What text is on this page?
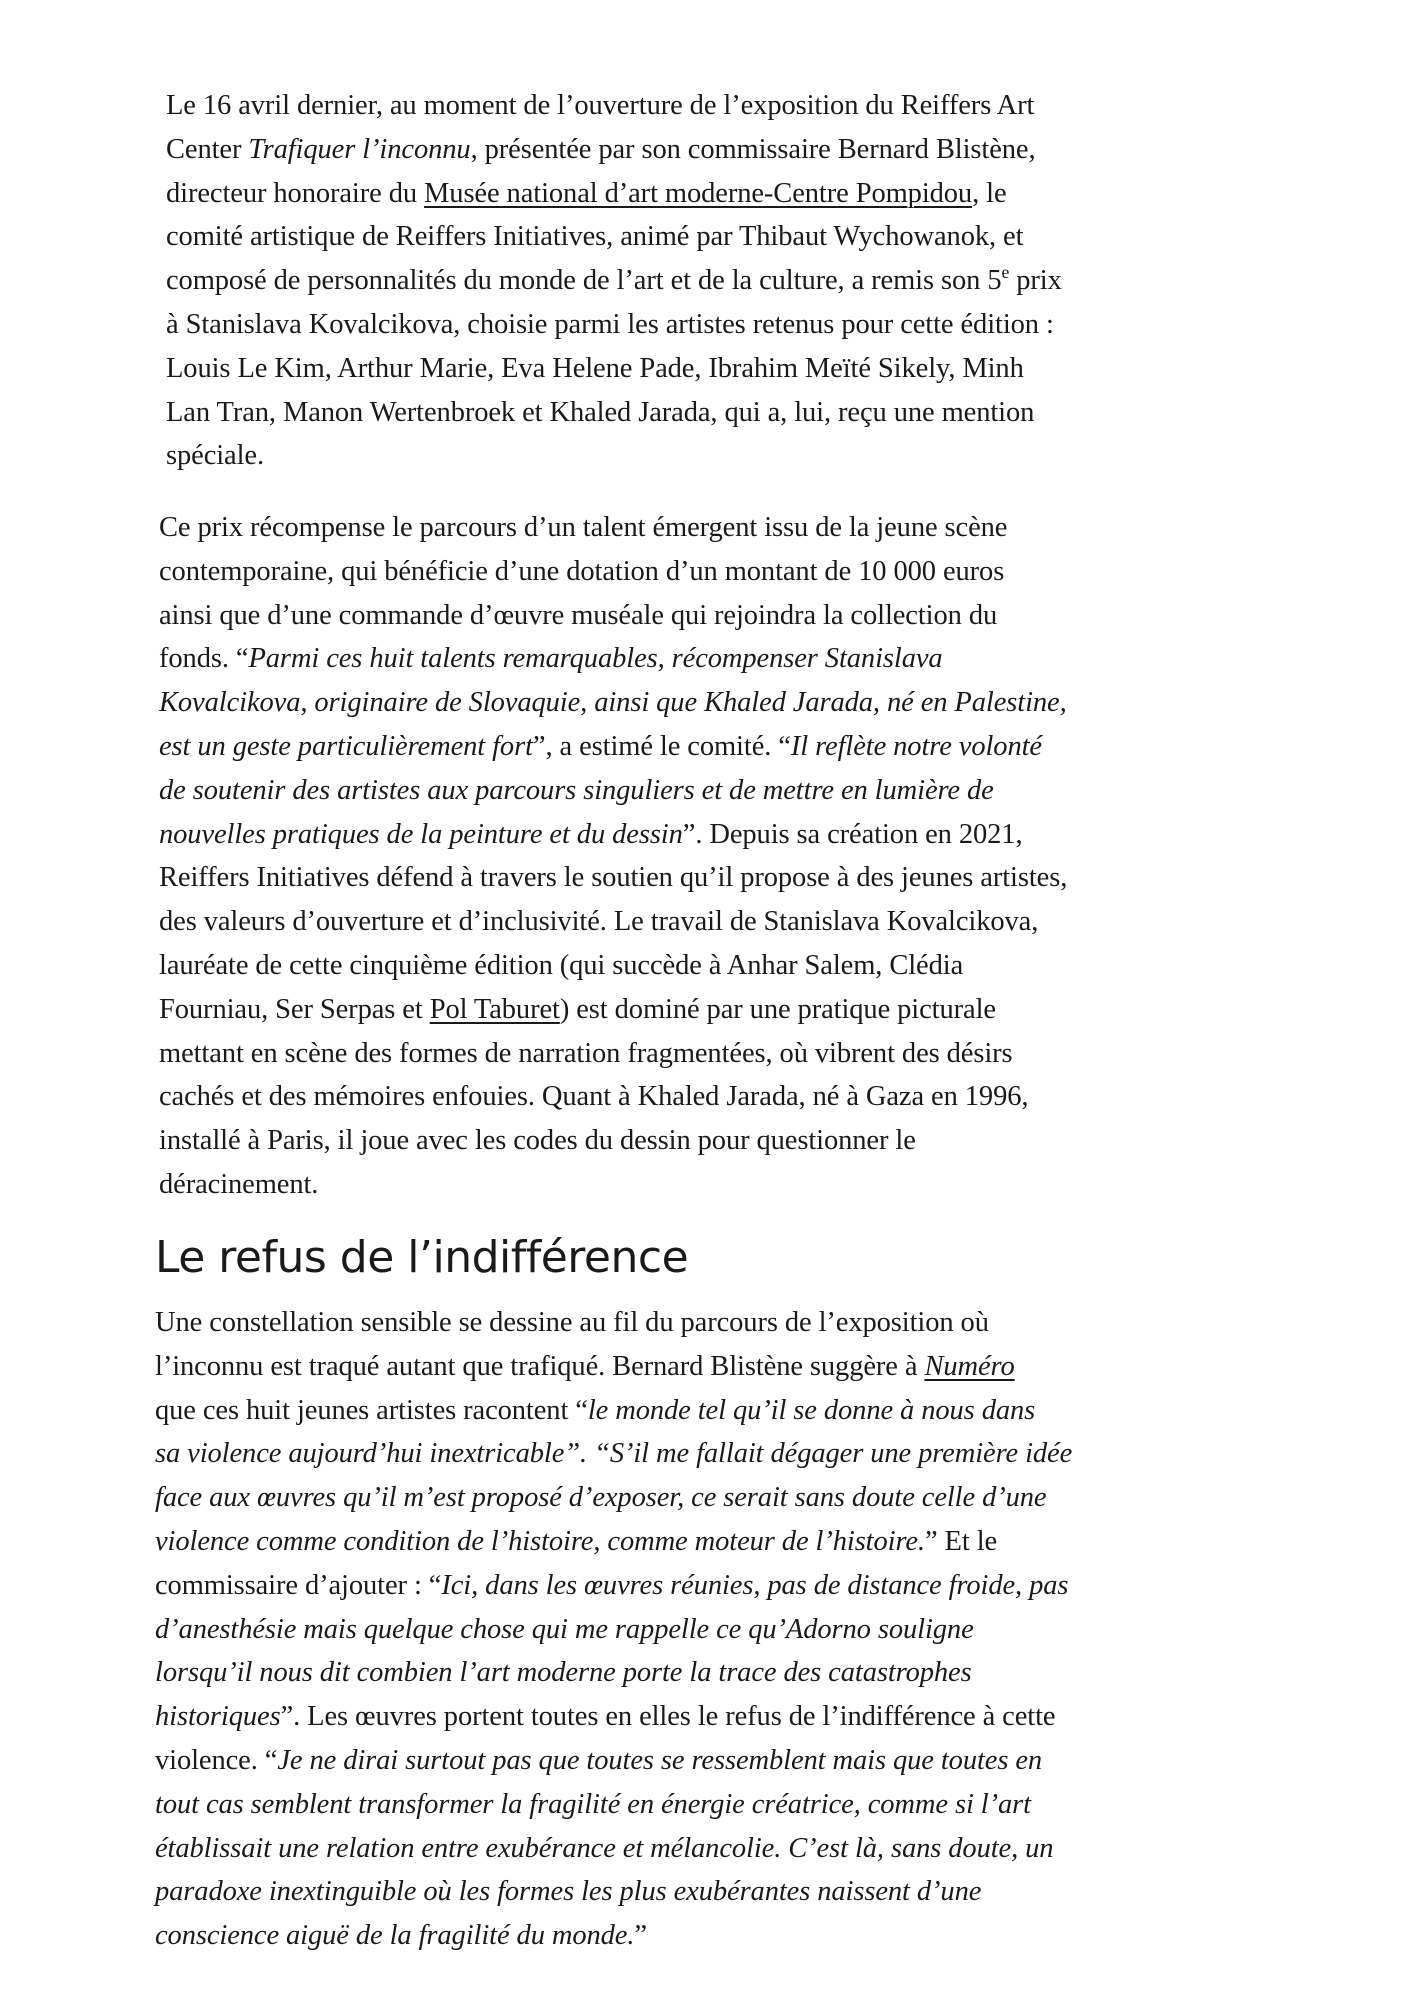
Le 16 avril dernier, au moment de l’ouverture de l’exposition du Reiffers Art
Center Trafiquer l’inconnu, présentée par son commissaire Bernard Blistène,
directeur honoraire du Musée national d’art moderne-Centre Pompidou, le
comité artistique de Reiffers Initiatives, animé par Thibaut Wychowanok, et
composé de personnalités du monde de l’art et de la culture, a remis son 5e prix
à Stanislava Kovalcikova, choisie parmi les artistes retenus pour cette édition :
Louis Le Kim, Arthur Marie, Eva Helene Pade, Ibrahim Meïté Sikely, Minh
Lan Tran, Manon Wertenbroek et Khaled Jarada, qui a, lui, reçu une mention
spéciale.

Ce prix récompense le parcours d’un talent émergent issu de la jeune scène
contemporaine, qui bénéficie d’une dotation d’un montant de 10 000 euros
ainsi que d’une commande d’œuvre muséale qui rejoindra la collection du
fonds. “Parmi ces huit talents remarquables, récompenser Stanislava
Kovalcikova, originaire de Slovaquie, ainsi que Khaled Jarada, né en Palestine,
est un geste particulièrement fort”, a estimé le comité. “Il reflète notre volonté
de soutenir des artistes aux parcours singuliers et de mettre en lumière de
nouvelles pratiques de la peinture et du dessin”. Depuis sa création en 2021,
Reiffers Initiatives défend à travers le soutien qu’il propose à des jeunes artistes,
des valeurs d’ouverture et d’inclusivité. Le travail de Stanislava Kovalcikova,
lauréate de cette cinquième édition (qui succède à Anhar Salem, Clédia
Fourniau, Ser Serpas et Pol Taburet) est dominé par une pratique picturale
mettant en scène des formes de narration fragmentées, où vibrent des désirs
cachés et des mémoires enfouies. Quant à Khaled Jarada, né à Gaza en 1996,
installé à Paris, il joue avec les codes du dessin pour questionner le
déracinement.

Le refus de l’indifférence

Une constellation sensible se dessine au fil du parcours de l’exposition où
l’inconnu est traqué autant que trafiqué. Bernard Blistène suggère à Numéro
que ces huit jeunes artistes racontent “le monde tel qu’il se donne à nous dans
sa violence aujourd’hui inextricable”. “S’il me fallait dégager une première idée
face aux œuvres qu’il m’est proposé d’exposer, ce serait sans doute celle d’une
violence comme condition de l’histoire, comme moteur de l’histoire.” Et le
commissaire d’ajouter : “Ici, dans les œuvres réunies, pas de distance froide, pas
d’anesthésie mais quelque chose qui me rappelle ce qu’Adorno souligne
lorsqu’il nous dit combien l’art moderne porte la trace des catastrophes
historiques”. Les œuvres portent toutes en elles le refus de l’indifférence à cette
violence. “Je ne dirai surtout pas que toutes se ressemblent mais que toutes en
tout cas semblent transformer la fragilité en énergie créatrice, comme si l’art
établissait une relation entre exubérance et mélancolie. C’est là, sans doute, un
paradoxe inextinguible où les formes les plus exubérantes naissent d’une
conscience aiguë de la fragilité du monde.”
